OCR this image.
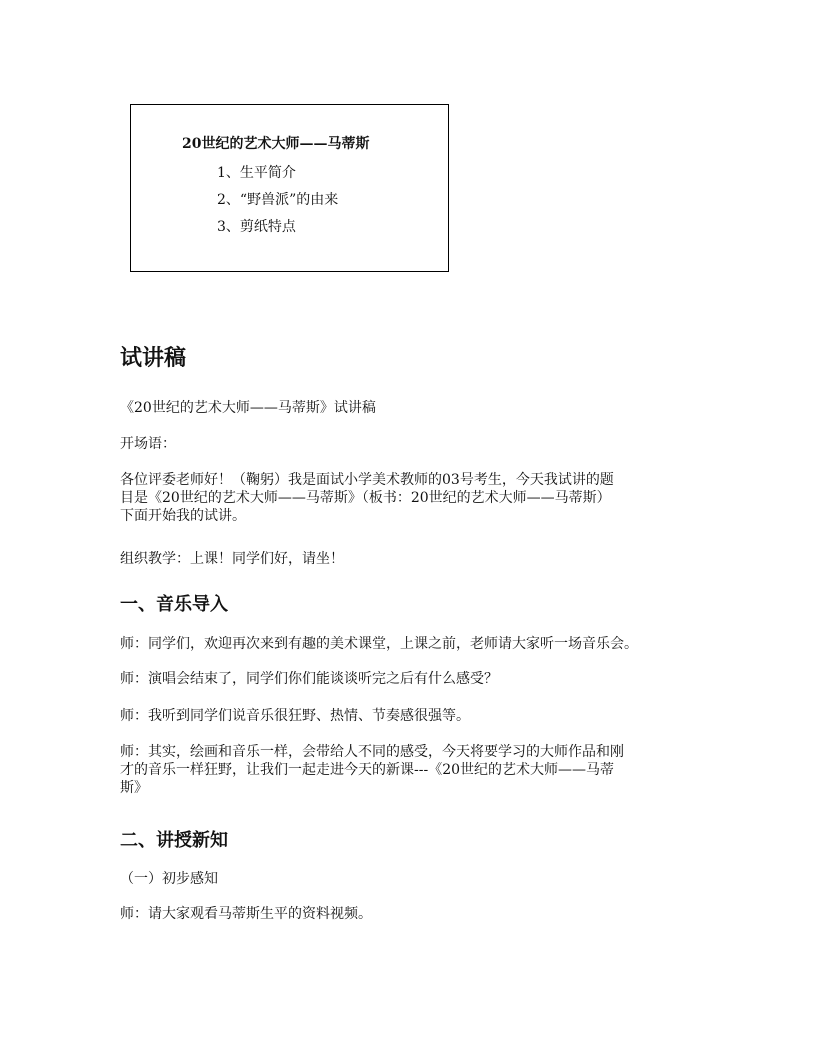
20世纪的艺术大师——马蒂斯
1、生平简介
2、“野兽派”的由来
3、剪纸特点
试讲稿
《20世纪的艺术大师——马蒂斯》试讲稿
开场语：
各位评委老师好！（鞠躬）我是面试小学美术教师的03号考生，今天我试讲的题
目是《20世纪的艺术大师——马蒂斯》（板书：20世纪的艺术大师——马蒂斯）
下面开始我的试讲。
组织教学：上课！同学们好，请坐！
一、音乐导入
师：同学们，欢迎再次来到有趣的美术课堂，上课之前，老师请大家听一场音乐会。
师：演唱会结束了，同学们你们能谈谈听完之后有什么感受？
师：我听到同学们说音乐很狂野、热情、节奏感很强等。
师：其实，绘画和音乐一样，会带给人不同的感受，今天将要学习的大师作品和刚
才的音乐一样狂野，让我们一起走进今天的新课---《20世纪的艺术大师——马蒂
斯》
二、讲授新知
（一）初步感知
师：请大家观看马蒂斯生平的资料视频。
